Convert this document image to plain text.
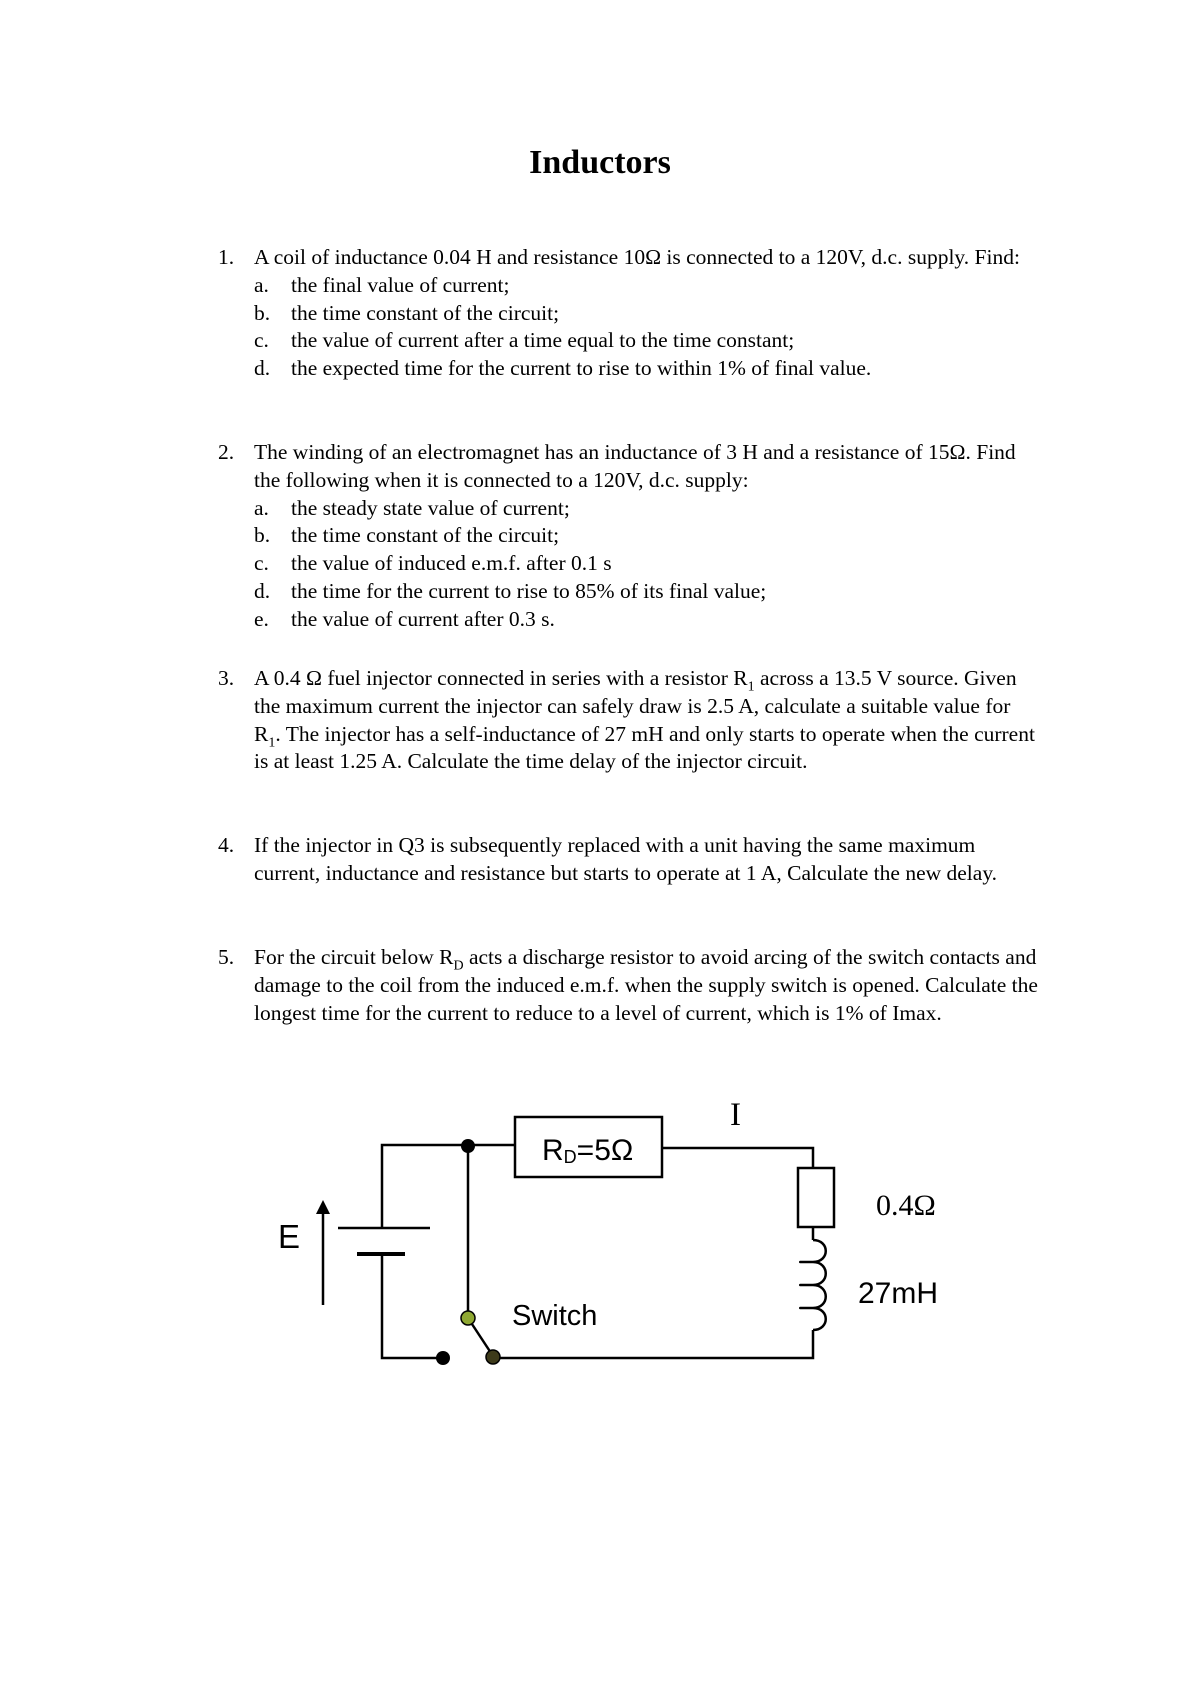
Inductors
1. A coil of inductance 0.04 H and resistance 10Ω is connected to a 120V, d.c. supply. Find:
a. the final value of current;
b. the time constant of the circuit;
c. the value of current after a time equal to the time constant;
d. the expected time for the current to rise to within 1% of final value.
2. The winding of an electromagnet has an inductance of 3 H and a resistance of 15Ω. Find the following when it is connected to a 120V, d.c. supply:
a. the steady state value of current;
b. the time constant of the circuit;
c. the value of induced e.m.f. after 0.1 s
d. the time for the current to rise to 85% of its final value;
e. the value of current after 0.3 s.
3. A 0.4 Ω fuel injector connected in series with a resistor $R_1$ across a 13.5 V source. Given the maximum current the injector can safely draw is 2.5 A, calculate a suitable value for $R_1$. The injector has a self-inductance of 27 mH and only starts to operate when the current is at least 1.25 A. Calculate the time delay of the injector circuit.
4. If the injector in Q3 is subsequently replaced with a unit having the same maximum current, inductance and resistance but starts to operate at 1 A, Calculate the new delay.
5. For the circuit below $R_D$ acts a discharge resistor to avoid arcing of the switch contacts and damage to the coil from the induced e.m.f. when the supply switch is opened. Calculate the longest time for the current to reduce to a level of current, which is 1% of Imax.
E
I
RD=5Ω
0.4Ω
27mH
Switch
